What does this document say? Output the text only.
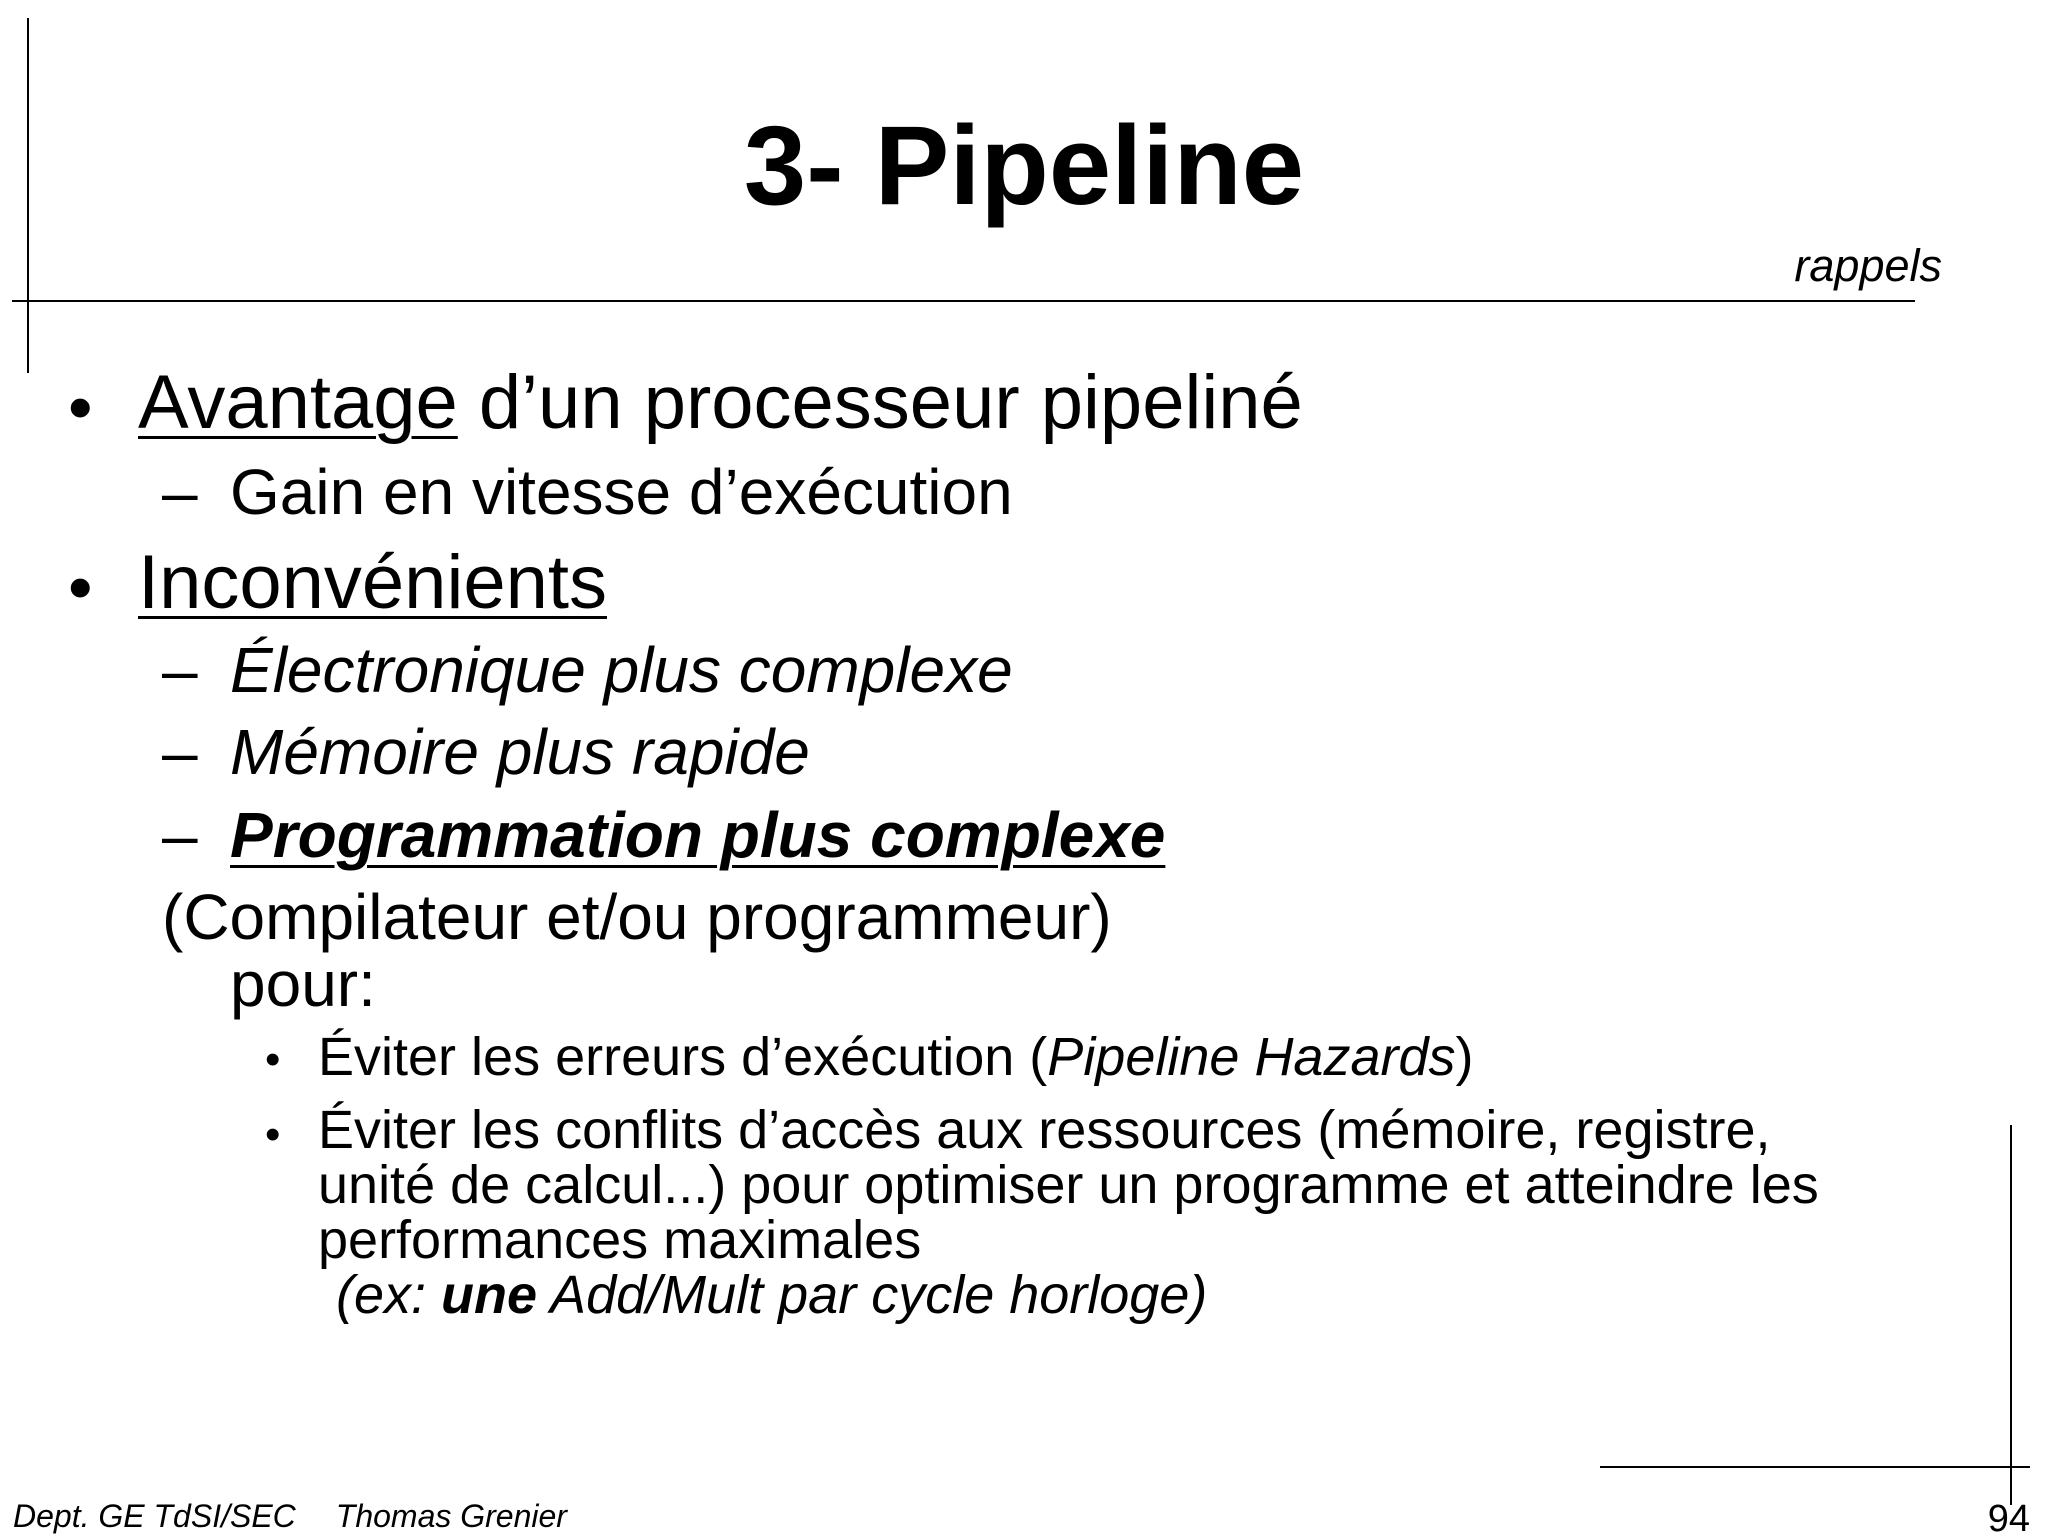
3- Pipeline
rappels
• Avantage d’un processeur pipeliné
– Gain en vitesse d’exécution
• Inconvénients
– Électronique plus complexe
– Mémoire plus rapide
– Programmation plus complexe
(Compilateur et/ou programmeur)
pour:
• Éviter les erreurs d’exécution (Pipeline Hazards)
• Éviter les conflits d’accès aux ressources (mémoire, registre,
unité de calcul...) pour optimiser un programme et atteindre les
performances maximales
(ex: une Add/Mult par cycle horloge)
Dept. GE TdSI/SEC Thomas Grenier	94
